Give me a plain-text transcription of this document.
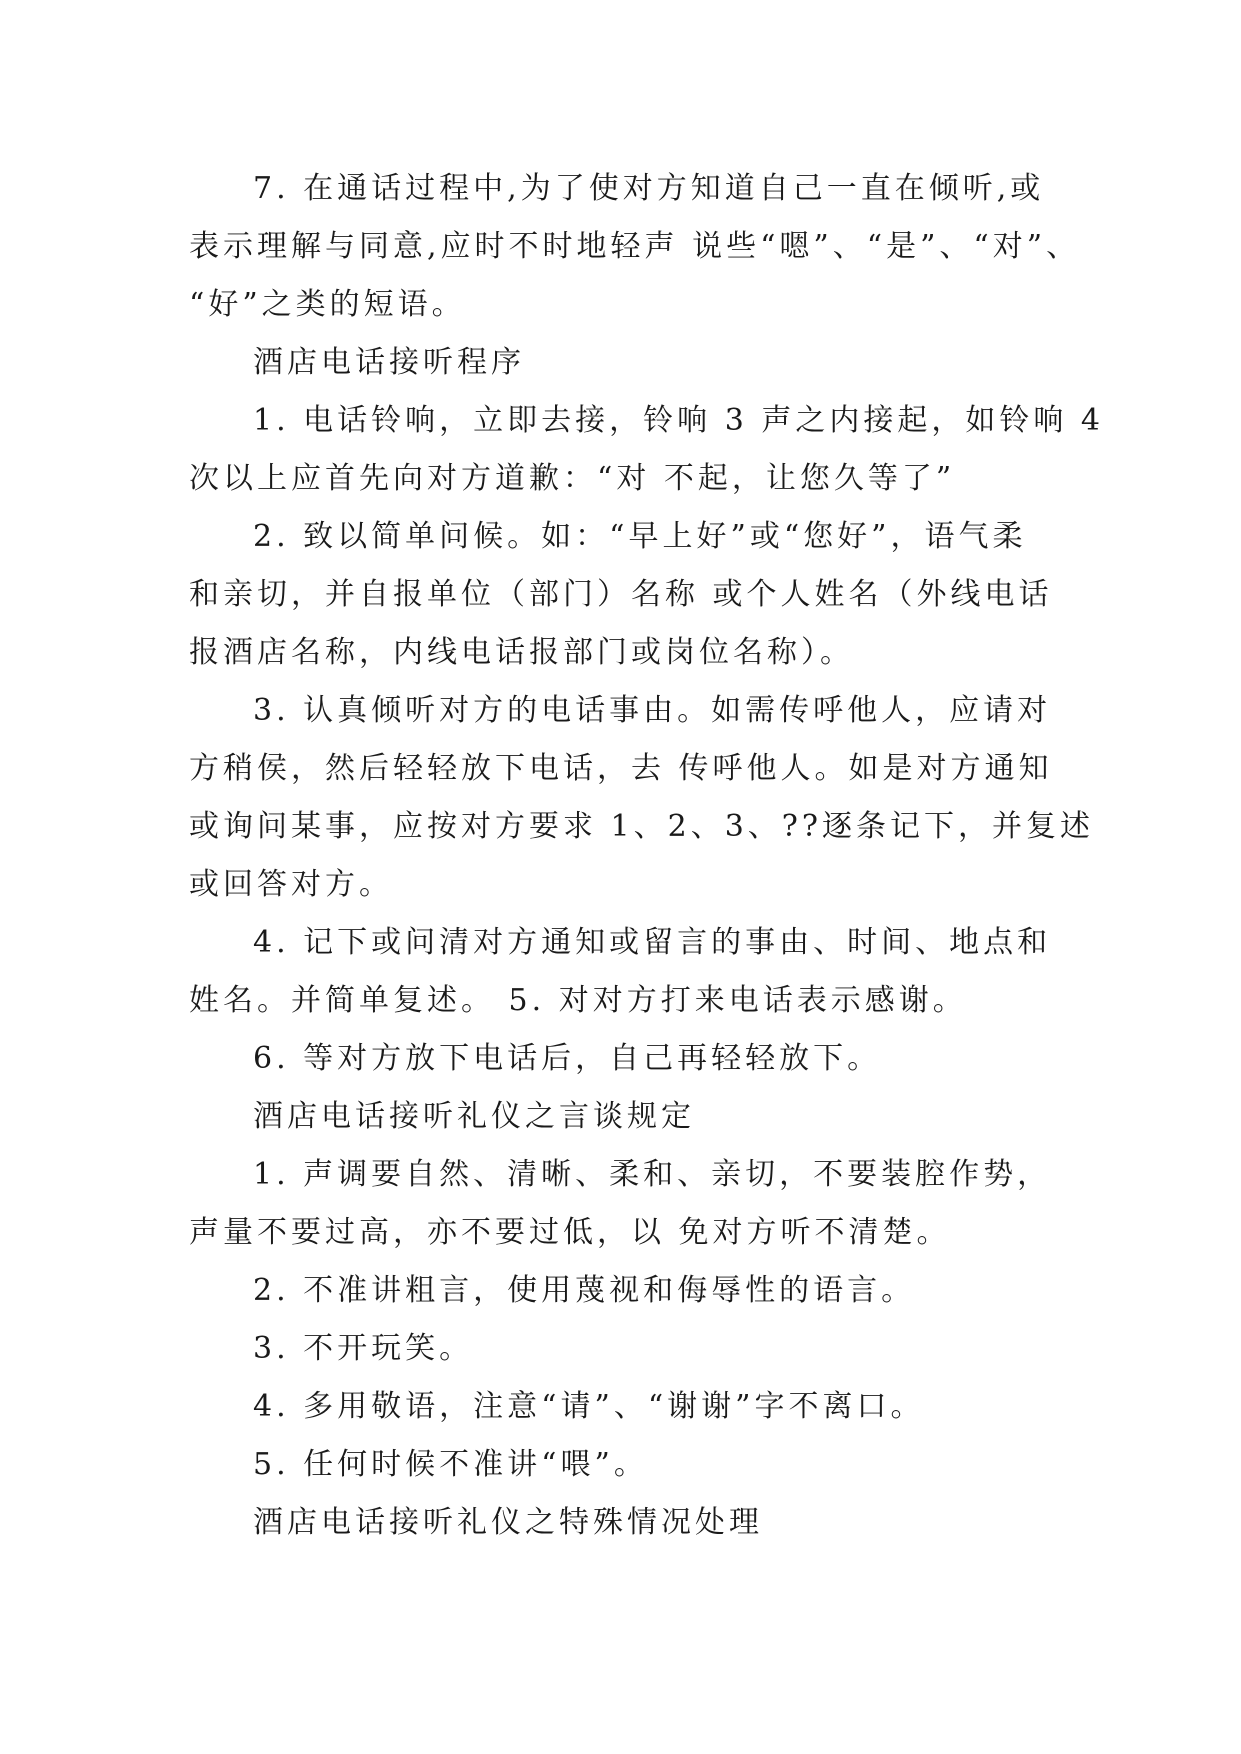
7. 在通话过程中,为了使对方知道自己一直在倾听,或
表示理解与同意,应时不时地轻声 说些“嗯”、“是”、“对”、
“好”之类的短语。

酒店电话接听程序

1. 电话铃响，立即去接，铃响 3 声之内接起，如铃响 4
次以上应首先向对方道歉：“对 不起，让您久等了”

2. 致以简单问候。如：“早上好”或“您好”，语气柔
和亲切，并自报单位（部门）名称 或个人姓名（外线电话
报酒店名称，内线电话报部门或岗位名称）。

3. 认真倾听对方的电话事由。如需传呼他人，应请对
方稍侯，然后轻轻放下电话，去 传呼他人。如是对方通知
或询问某事，应按对方要求 1、2、3、??逐条记下，并复述
或回答对方。

4. 记下或问清对方通知或留言的事由、时间、地点和
姓名。并简单复述。 5. 对对方打来电话表示感谢。

6. 等对方放下电话后，自己再轻轻放下。

酒店电话接听礼仪之言谈规定

1. 声调要自然、清晰、柔和、亲切，不要装腔作势，
声量不要过高，亦不要过低，以 免对方听不清楚。

2. 不准讲粗言，使用蔑视和侮辱性的语言。

3. 不开玩笑。

4. 多用敬语，注意“请”、“谢谢”字不离口。

5. 任何时候不准讲“喂”。

酒店电话接听礼仪之特殊情况处理
